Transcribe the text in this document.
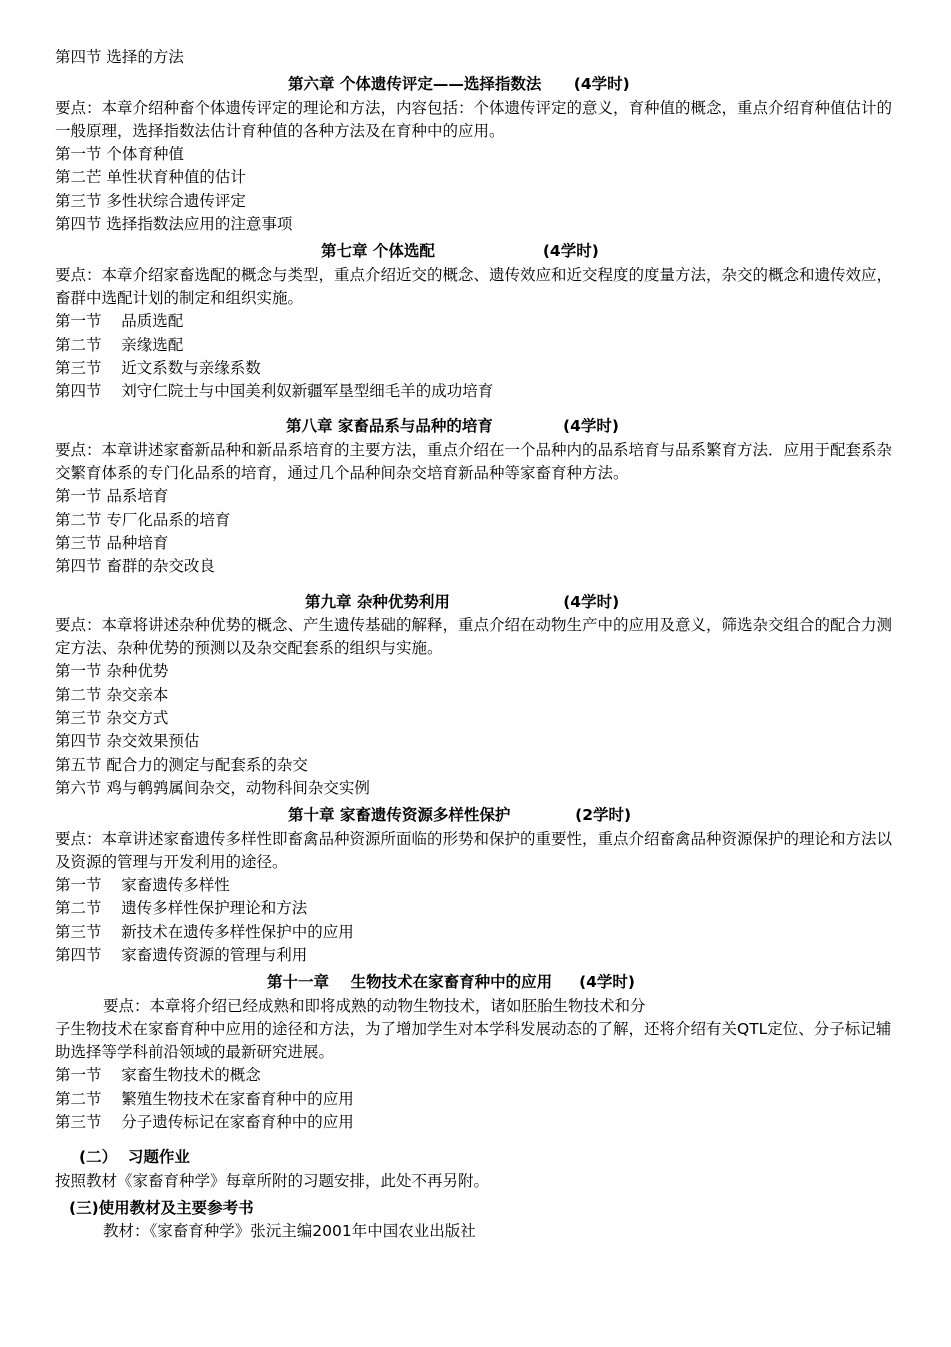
第四节 选择的方法
第六章 个体遗传评定——选择指数法      (4学时)
要点：本章介绍种畜个体遗传评定的理论和方法，内容包括：个体遗传评定的意义，育种值的概念，重点介绍育种值估计的一般原理，选择指数法估计育种值的各种方法及在育种中的应用。
第一节 个体育种值
第二芒 单性状育种值的估计
第三节 多性状综合遗传评定
第四节 选择指数法应用的注意事项
第七章 个体选配                    (4学时)
要点：本章介绍家畜选配的概念与类型，重点介绍近交的概念、遗传效应和近交程度的度量方法，杂交的概念和遗传效应，畜群中选配计划的制定和组织实施。
第一节    品质选配
第二节    亲缘选配
第三节    近文系数与亲缘系数
第四节    刘守仁院士与中国美利奴新疆军垦型细毛羊的成功培育
第八章 家畜品系与品种的培育             (4学时)
要点：本章讲述家畜新品种和新品系培育的主要方法，重点介绍在一个品种内的品系培育与品系繁育方法．应用于配套系杂交繁育体系的专门化品系的培育，通过几个品种间杂交培育新品种等家畜育种方法。
第一节 品系培育
第二节 专厂化品系的培育
第三节 品种培育
第四节 畜群的杂交改良
第九章 杂种优势利用                     (4学时)
要点：本章将讲述杂种优势的概念、产生遗传基础的解释，重点介绍在动物生产中的应用及意义，筛选杂交组合的配合力测定方法、杂种优势的预测以及杂交配套系的组织与实施。
第一节 杂种优势
第二节 杂交亲本
第三节 杂交方式
第四节 杂交效果预估
第五节 配合力的测定与配套系的杂交
第六节 鸡与鹌鹑属间杂交，动物科间杂交实例
第十章 家畜遗传资源多样性保护            (2学时)
要点：本章讲述家畜遗传多样性即畜禽品种资源所面临的形势和保护的重要性，重点介绍畜禽品种资源保护的理论和方法以及资源的管理与开发利用的途径。
第一节    家畜遗传多样性
第二节    遗传多样性保护理论和方法
第三节    新技术在遗传多样性保护中的应用
第四节    家畜遗传资源的管理与利用
第十一章    生物技术在家畜育种中的应用     (4学时)
要点：本章将介绍已经成熟和即将成熟的动物生物技术，诸如胚胎生物技术和分
子生物技术在家畜育种中应用的途径和方法，为了增加学生对本学科发展动态的了解，还将介绍有关QTL定位、分子标记辅助选择等学科前沿领域的最新研究进展。
第一节    家畜生物技术的概念
第二节    繁殖生物技术在家畜育种中的应用
第三节    分子遗传标记在家畜育种中的应用
(二）  习题作业
按照教材《家畜育种学》每章所附的习题安排，此处不再另附。
(三)使用教材及主要参考书
教材：《家畜育种学》张沅主编2001年中国农业出版社
